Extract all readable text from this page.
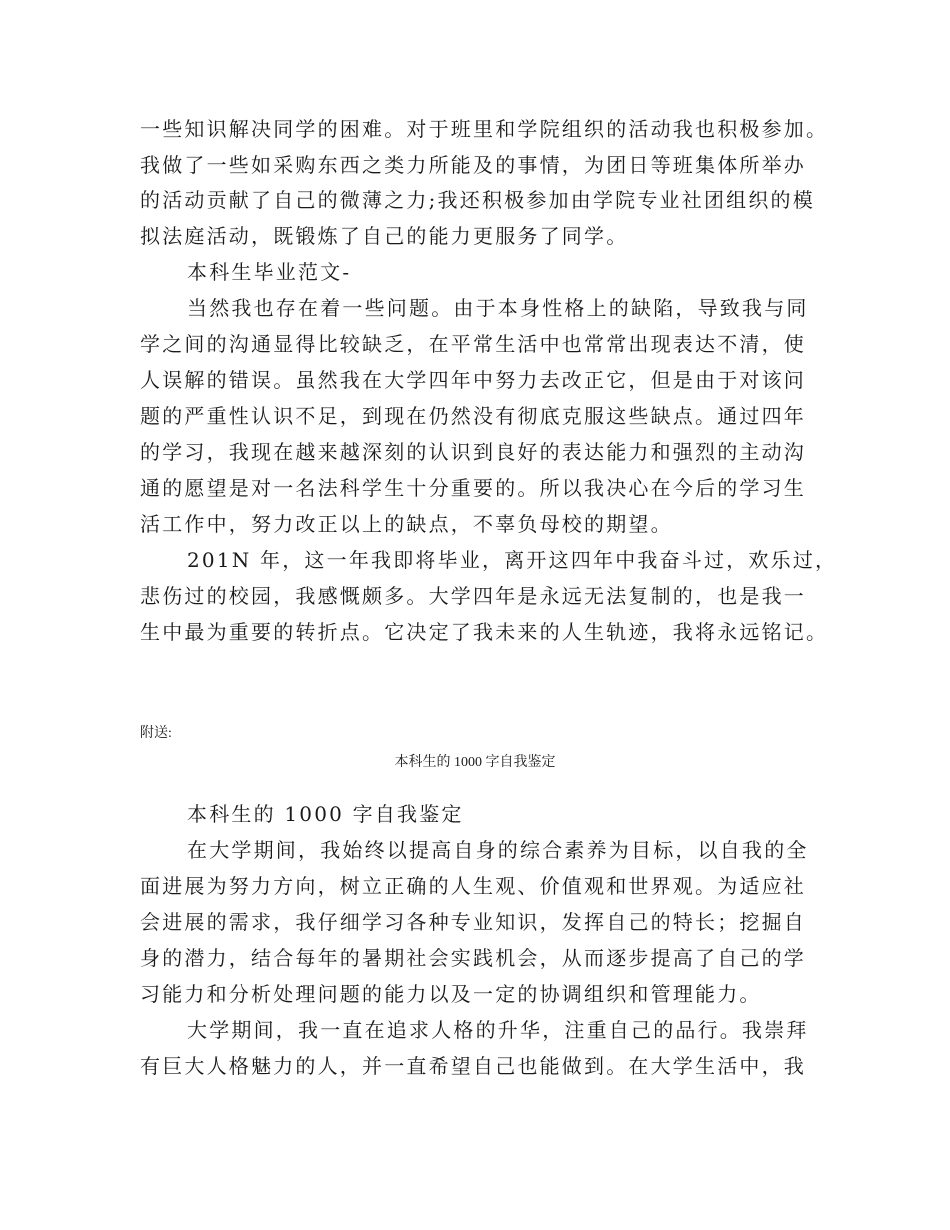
一些知识解决同学的困难。对于班里和学院组织的活动我也积极参加。
我做了一些如采购东西之类力所能及的事情，为团日等班集体所举办
的活动贡献了自己的微薄之力;我还积极参加由学院专业社团组织的模
拟法庭活动，既锻炼了自己的能力更服务了同学。
本科生毕业范文-
当然我也存在着一些问题。由于本身性格上的缺陷，导致我与同
学之间的沟通显得比较缺乏，在平常生活中也常常出现表达不清，使
人误解的错误。虽然我在大学四年中努力去改正它，但是由于对该问
题的严重性认识不足，到现在仍然没有彻底克服这些缺点。通过四年
的学习，我现在越来越深刻的认识到良好的表达能力和强烈的主动沟
通的愿望是对一名法科学生十分重要的。所以我决心在今后的学习生
活工作中，努力改正以上的缺点，不辜负母校的期望。
201N 年，这一年我即将毕业，离开这四年中我奋斗过，欢乐过，
悲伤过的校园，我感慨颇多。大学四年是永远无法复制的，也是我一
生中最为重要的转折点。它决定了我未来的人生轨迹，我将永远铭记。
附送:
本科生的 1000 字自我鉴定
本科生的 1000 字自我鉴定
在大学期间，我始终以提高自身的综合素养为目标，以自我的全
面进展为努力方向，树立正确的人生观、价值观和世界观。为适应社
会进展的需求，我仔细学习各种专业知识，发挥自己的特长；挖掘自
身的潜力，结合每年的暑期社会实践机会，从而逐步提高了自己的学
习能力和分析处理问题的能力以及一定的协调组织和管理能力。
大学期间，我一直在追求人格的升华，注重自己的品行。我崇拜
有巨大人格魅力的人，并一直希望自己也能做到。在大学生活中，我
